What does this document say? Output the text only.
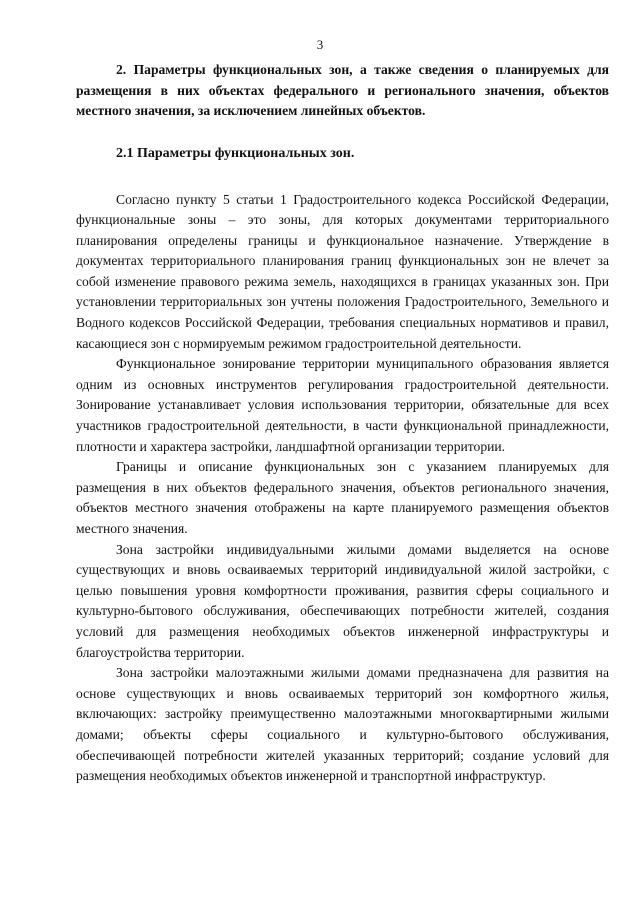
3

2. Параметры функциональных зон, а также сведения о планируемых для размещения в них объектах федерального и регионального значения, объектов местного значения, за исключением линейных объектов.

2.1 Параметры функциональных зон.

Согласно пункту 5 статьи 1 Градостроительного кодекса Российской Федерации, функциональные зоны – это зоны, для которых документами территориального планирования определены границы и функциональное назначение. Утверждение в документах территориального планирования границ функциональных зон не влечет за собой изменение правового режима земель, находящихся в границах указанных зон. При установлении территориальных зон учтены положения Градостроительного, Земельного и Водного кодексов Российской Федерации, требования специальных нормативов и правил, касающиеся зон с нормируемым режимом градостроительной деятельности.

Функциональное зонирование территории муниципального образования является одним из основных инструментов регулирования градостроительной деятельности. Зонирование устанавливает условия использования территории, обязательные для всех участников градостроительной деятельности, в части функциональной принадлежности, плотности и характера застройки, ландшафтной организации территории.

Границы и описание функциональных зон с указанием планируемых для размещения в них объектов федерального значения, объектов регионального значения, объектов местного значения отображены на карте планируемого размещения объектов местного значения.

Зона застройки индивидуальными жилыми домами выделяется на основе существующих и вновь осваиваемых территорий индивидуальной жилой застройки, с целью повышения уровня комфортности проживания, развития сферы социального и культурно-бытового обслуживания, обеспечивающих потребности жителей, создания условий для размещения необходимых объектов инженерной инфраструктуры и благоустройства территории.

Зона застройки малоэтажными жилыми домами предназначена для развития на основе существующих и вновь осваиваемых территорий зон комфортного жилья, включающих: застройку преимущественно малоэтажными многоквартирными жилыми домами; объекты сферы социального и культурно-бытового обслуживания, обеспечивающей потребности жителей указанных территорий; создание условий для размещения необходимых объектов инженерной и транспортной инфраструктур.
